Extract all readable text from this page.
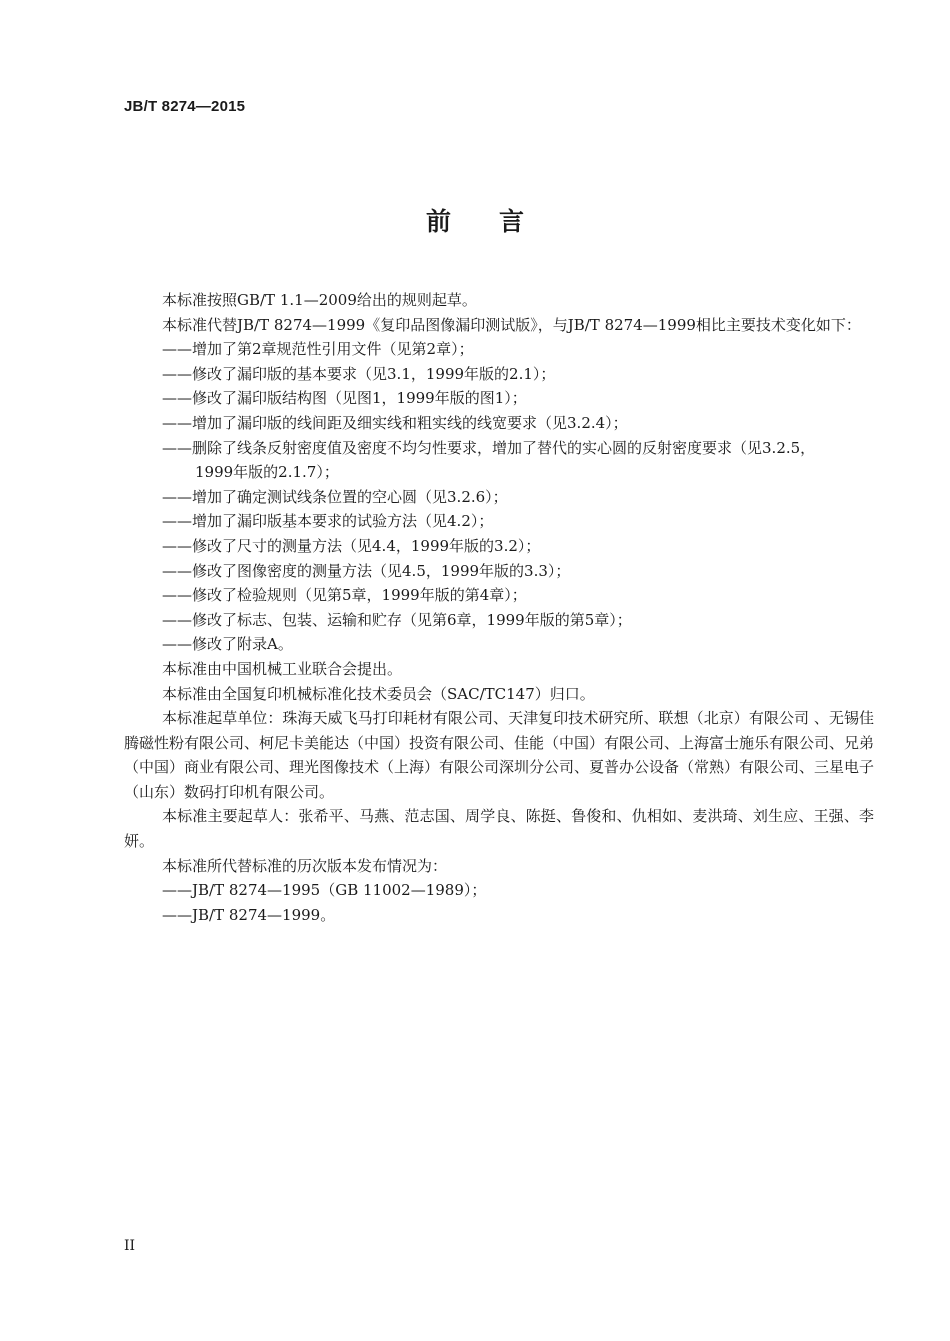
JB/T 8274—2015
前言

本标准按照GB/T 1.1—2009给出的规则起草。

本标准代替JB/T 8274—1999《复印品图像漏印测试版》，与JB/T 8274—1999相比主要技术变化如下：

——增加了第2章规范性引用文件（见第2章）；

——修改了漏印版的基本要求（见3.1，1999年版的2.1）；

——修改了漏印版结构图（见图1，1999年版的图1）；

——增加了漏印版的线间距及细实线和粗实线的线宽要求（见3.2.4）；

——删除了线条反射密度值及密度不均匀性要求，增加了替代的实心圆的反射密度要求（见3.2.5，

1999年版的2.1.7）；

——增加了确定测试线条位置的空心圆（见3.2.6）；

——增加了漏印版基本要求的试验方法（见4.2）；

——修改了尺寸的测量方法（见4.4，1999年版的3.2）；

——修改了图像密度的测量方法（见4.5，1999年版的3.3）；

——修改了检验规则（见第5章，1999年版的第4章）；

——修改了标志、包装、运输和贮存（见第6章，1999年版的第5章）；

——修改了附录A。

本标准由中国机械工业联合会提出。

本标准由全国复印机械标准化技术委员会（SAC/TC147）归口。

本标准起草单位：珠海天威飞马打印耗材有限公司、天津复印技术研究所、联想（北京）有限公司 、无锡佳腾磁性粉有限公司、柯尼卡美能达（中国）投资有限公司、佳能（中国）有限公司、上海富士施乐有限公司、兄弟（中国）商业有限公司、理光图像技术（上海）有限公司深圳分公司、夏普办公设备（常熟）有限公司、三星电子（山东）数码打印机有限公司。

本标准主要起草人：张希平、马燕、范志国、周学良、陈挺、鲁俊和、仇相如、麦洪琦、刘生应、王强、李妍。

本标准所代替标准的历次版本发布情况为：

——JB/T 8274—1995（GB 11002—1989）；

——JB/T 8274—1999。

II
